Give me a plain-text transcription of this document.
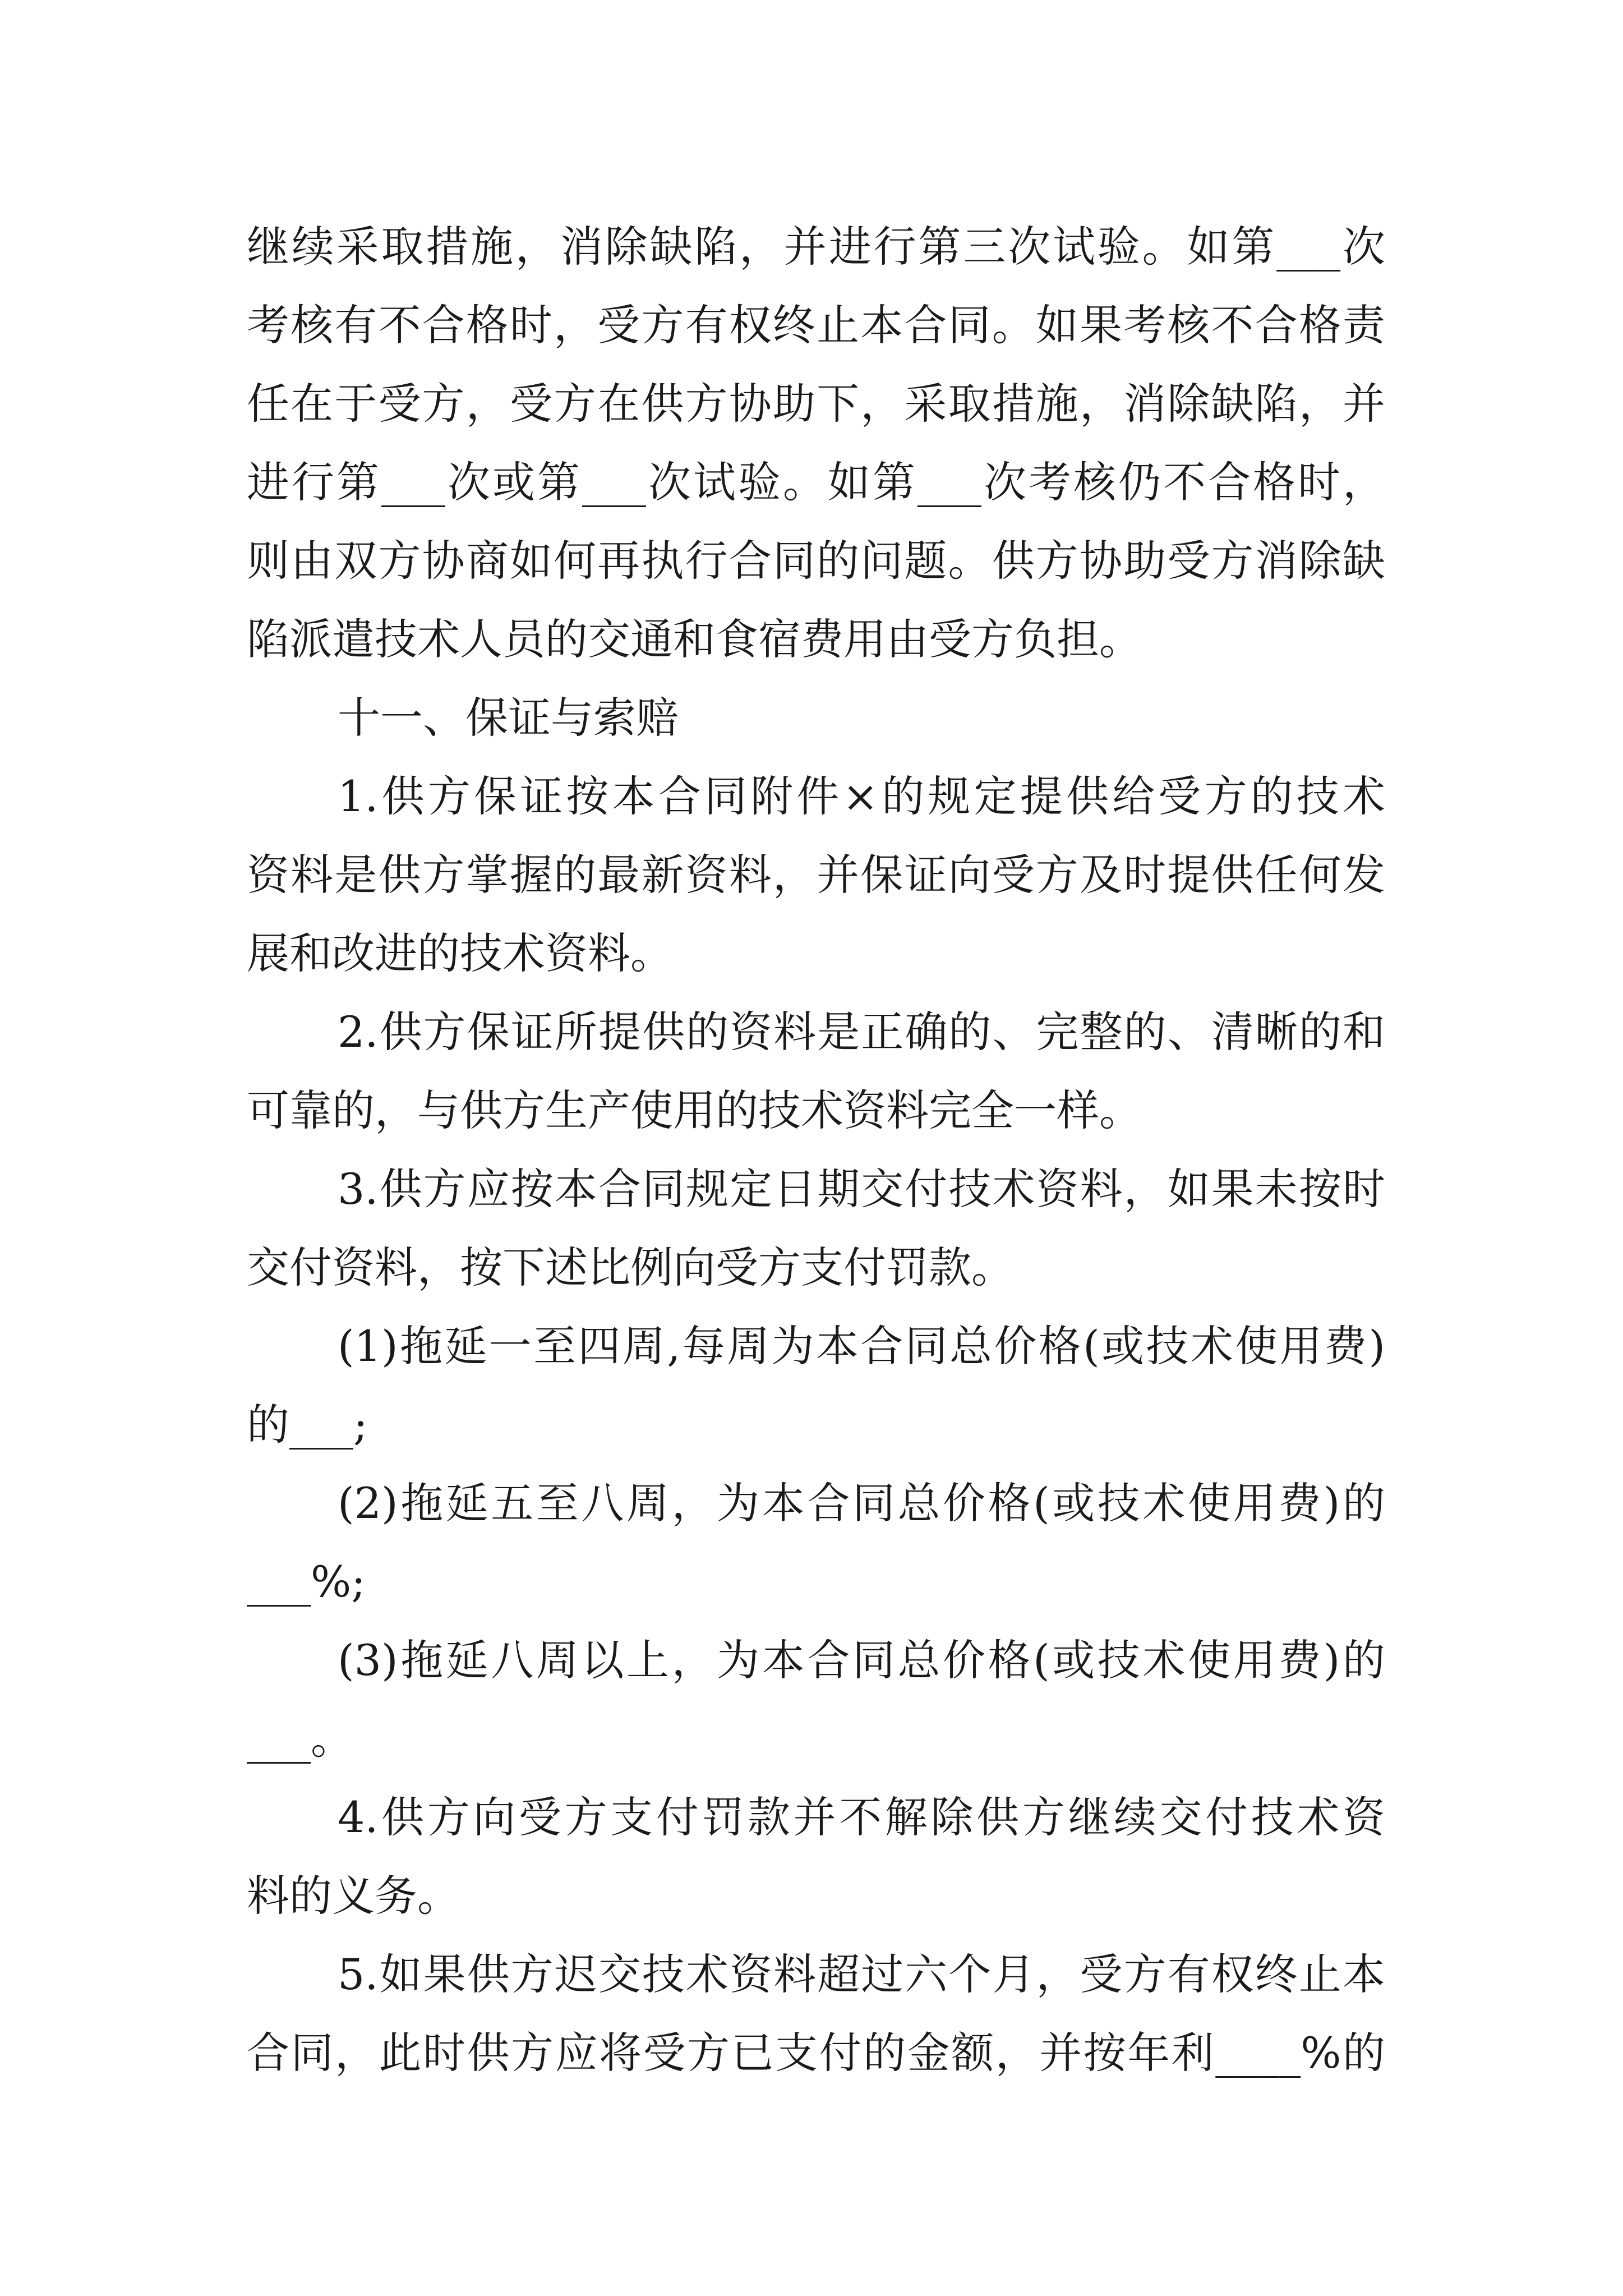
继续采取措施，消除缺陷，并进行第三次试验。如第___次
考核有不合格时，受方有权终止本合同。如果考核不合格责
任在于受方，受方在供方协助下，采取措施，消除缺陷，并
进行第___次或第___次试验。如第___次考核仍不合格时，
则由双方协商如何再执行合同的问题。供方协助受方消除缺
陷派遣技术人员的交通和食宿费用由受方负担。
十一、保证与索赔
1.供方保证按本合同附件×的规定提供给受方的技术
资料是供方掌握的最新资料，并保证向受方及时提供任何发
展和改进的技术资料。
2.供方保证所提供的资料是正确的、完整的、清晰的和
可靠的，与供方生产使用的技术资料完全一样。
3.供方应按本合同规定日期交付技术资料，如果未按时
交付资料，按下述比例向受方支付罚款。
(1)拖延一至四周,每周为本合同总价格(或技术使用费)
的___;
(2)拖延五至八周，为本合同总价格(或技术使用费)的
___%;
(3)拖延八周以上，为本合同总价格(或技术使用费)的
___。
4.供方向受方支付罚款并不解除供方继续交付技术资
料的义务。
5.如果供方迟交技术资料超过六个月，受方有权终止本
合同，此时供方应将受方已支付的金额，并按年利____%的
